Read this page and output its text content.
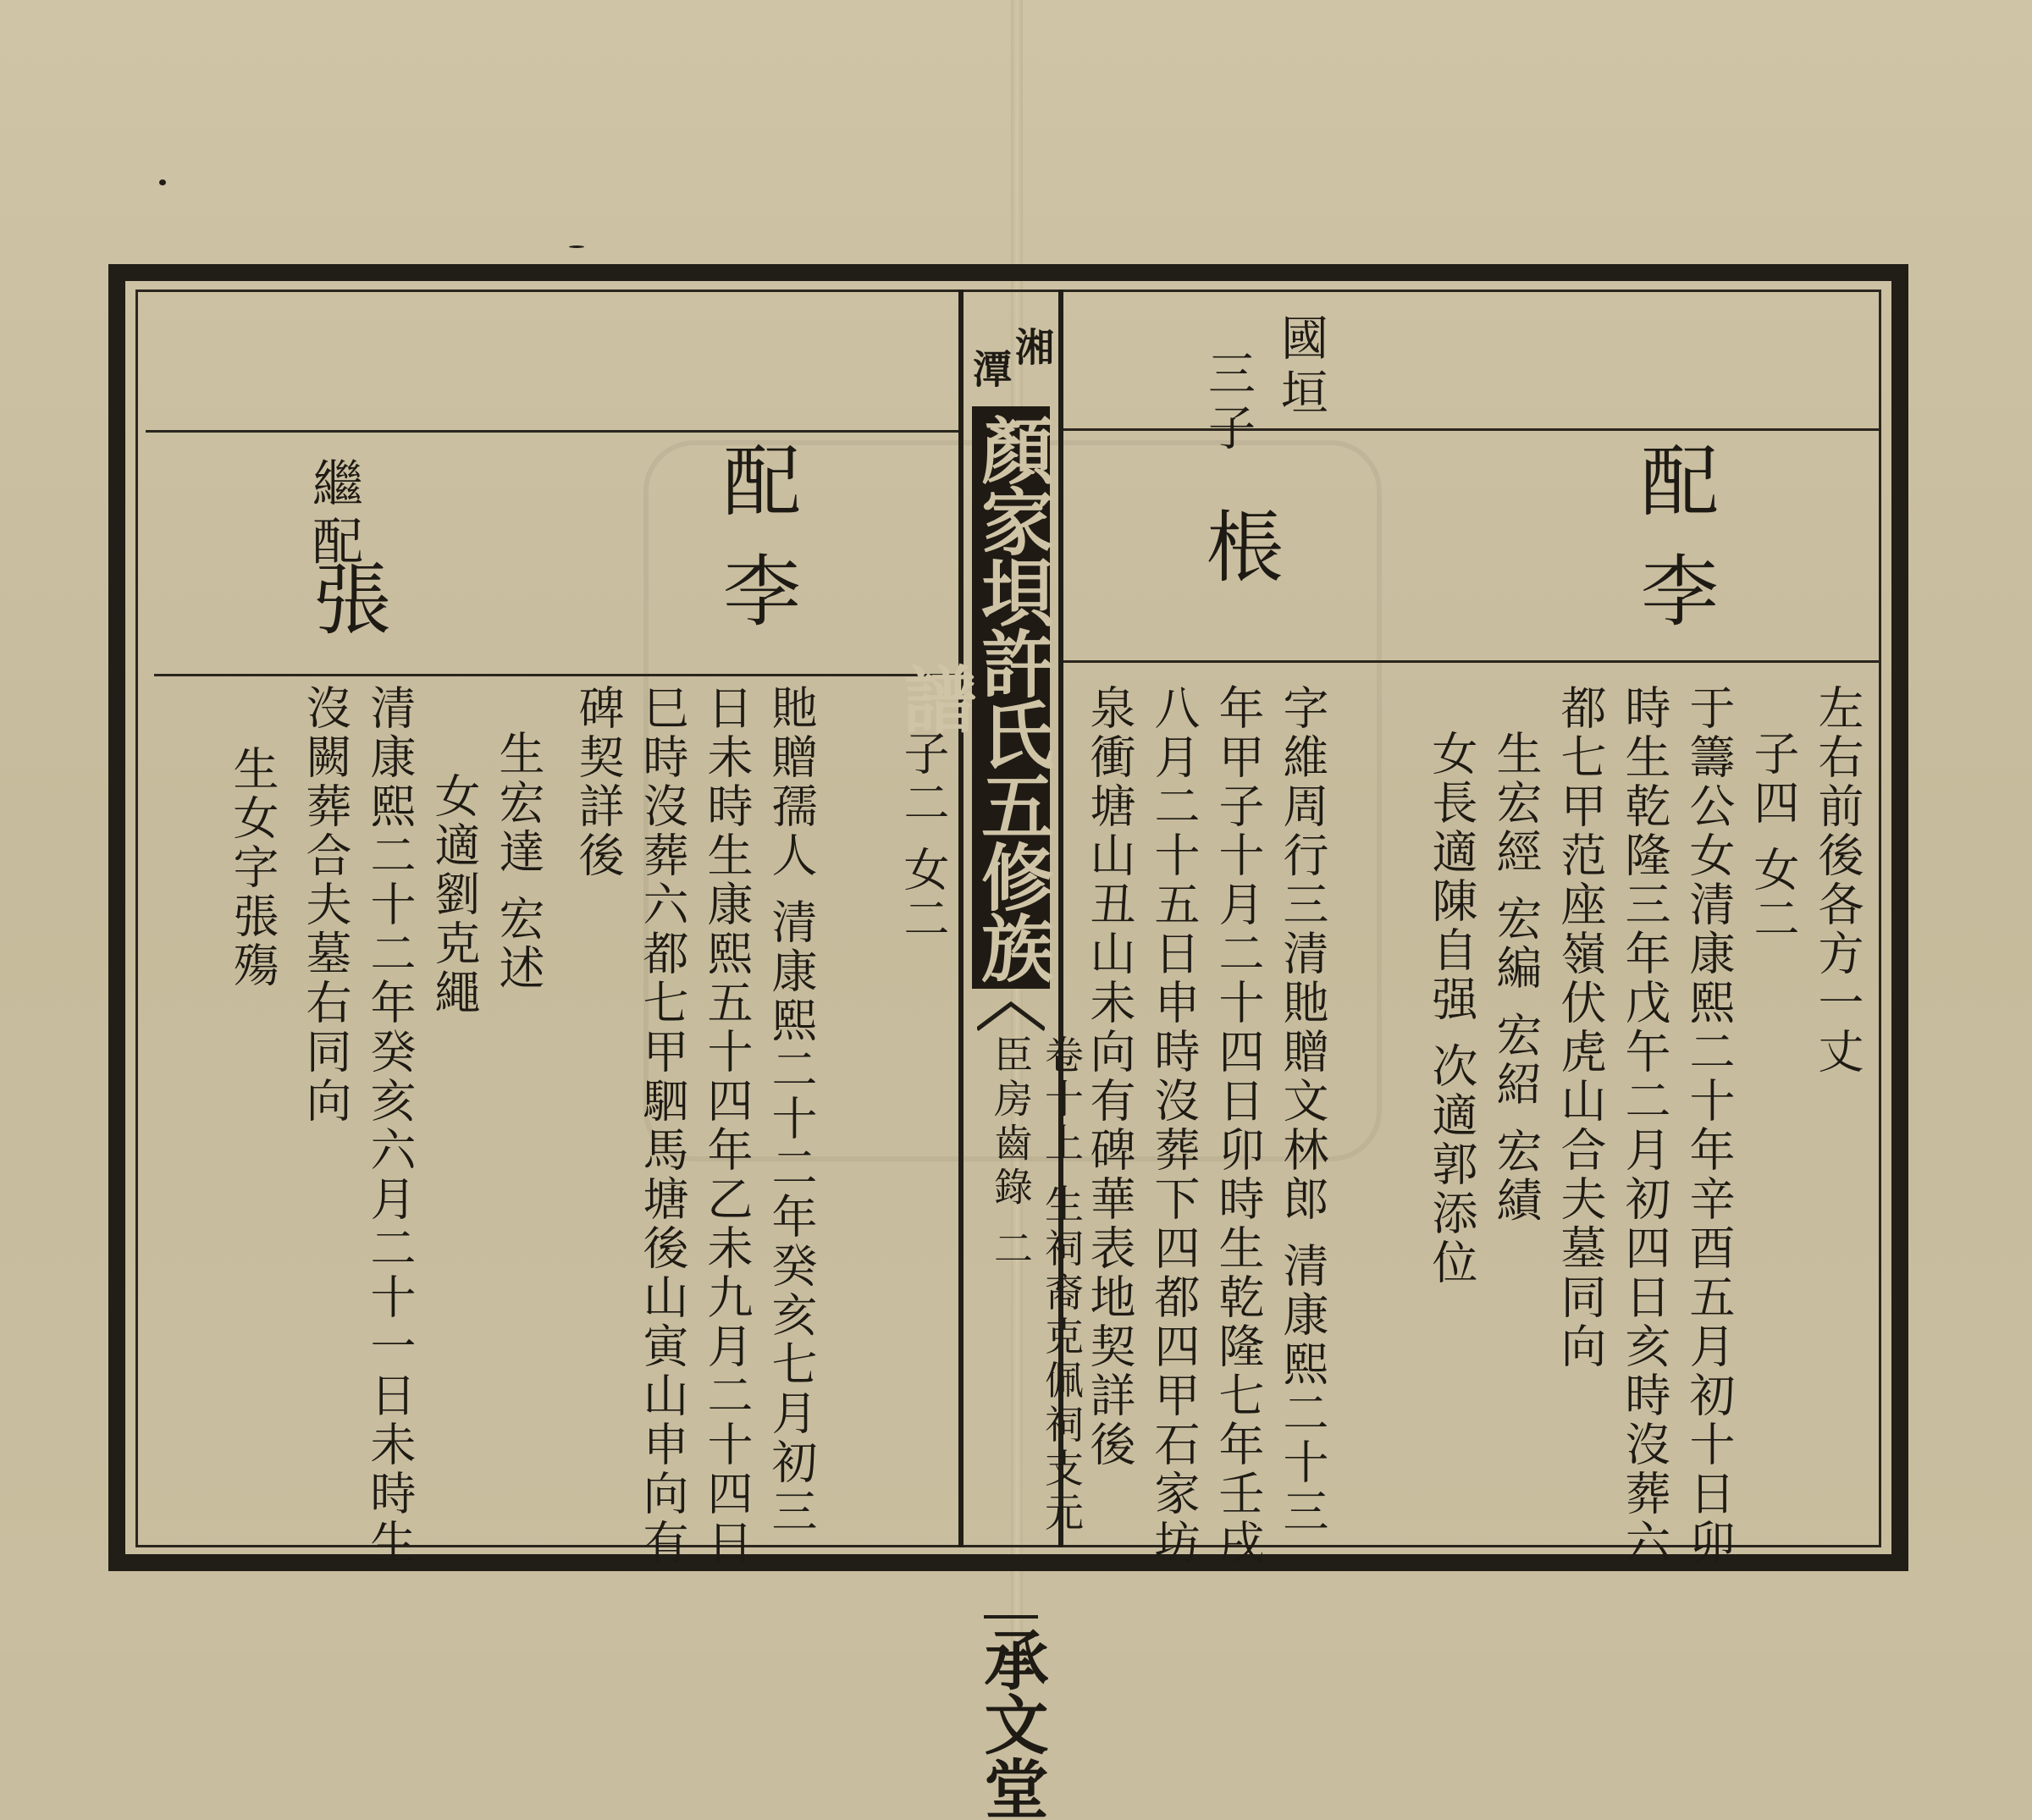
湘
潭
顏家垻許氏五修族譜
卷十上 生祠裔克佩祠支元臣房齒錄 二
承文堂
國垣
三子
配
李
棖
左右前後各方一丈
子四 女二
于籌公女清康熙二十年辛酉五月初十日卯
時生乾隆三年戊午二月初四日亥時沒葬六
都七甲范座嶺伏虎山合夫墓同向
生宏經 宏編 宏紹 宏績
女長適陳自强 次適郭添位
字維周行三清貤贈文林郎 清康熙二十三
年甲子十月二十四日卯時生乾隆七年壬戌
八月二十五日申時沒葬下四都四甲石家坊
泉衝塘山丑山未向有碑華表地契詳後
配
李
繼配
張
子二 女二
貤贈孺人 清康熙二十二年癸亥七月初三
日未時生康熙五十四年乙未九月二十四日
巳時沒葬六都七甲駟馬塘後山寅山申向有
碑契詳後
生宏達 宏述
女適劉克繩
清康熙二十二年癸亥六月二十一日未時生
沒闕葬合夫墓右同向
生女字張殤
